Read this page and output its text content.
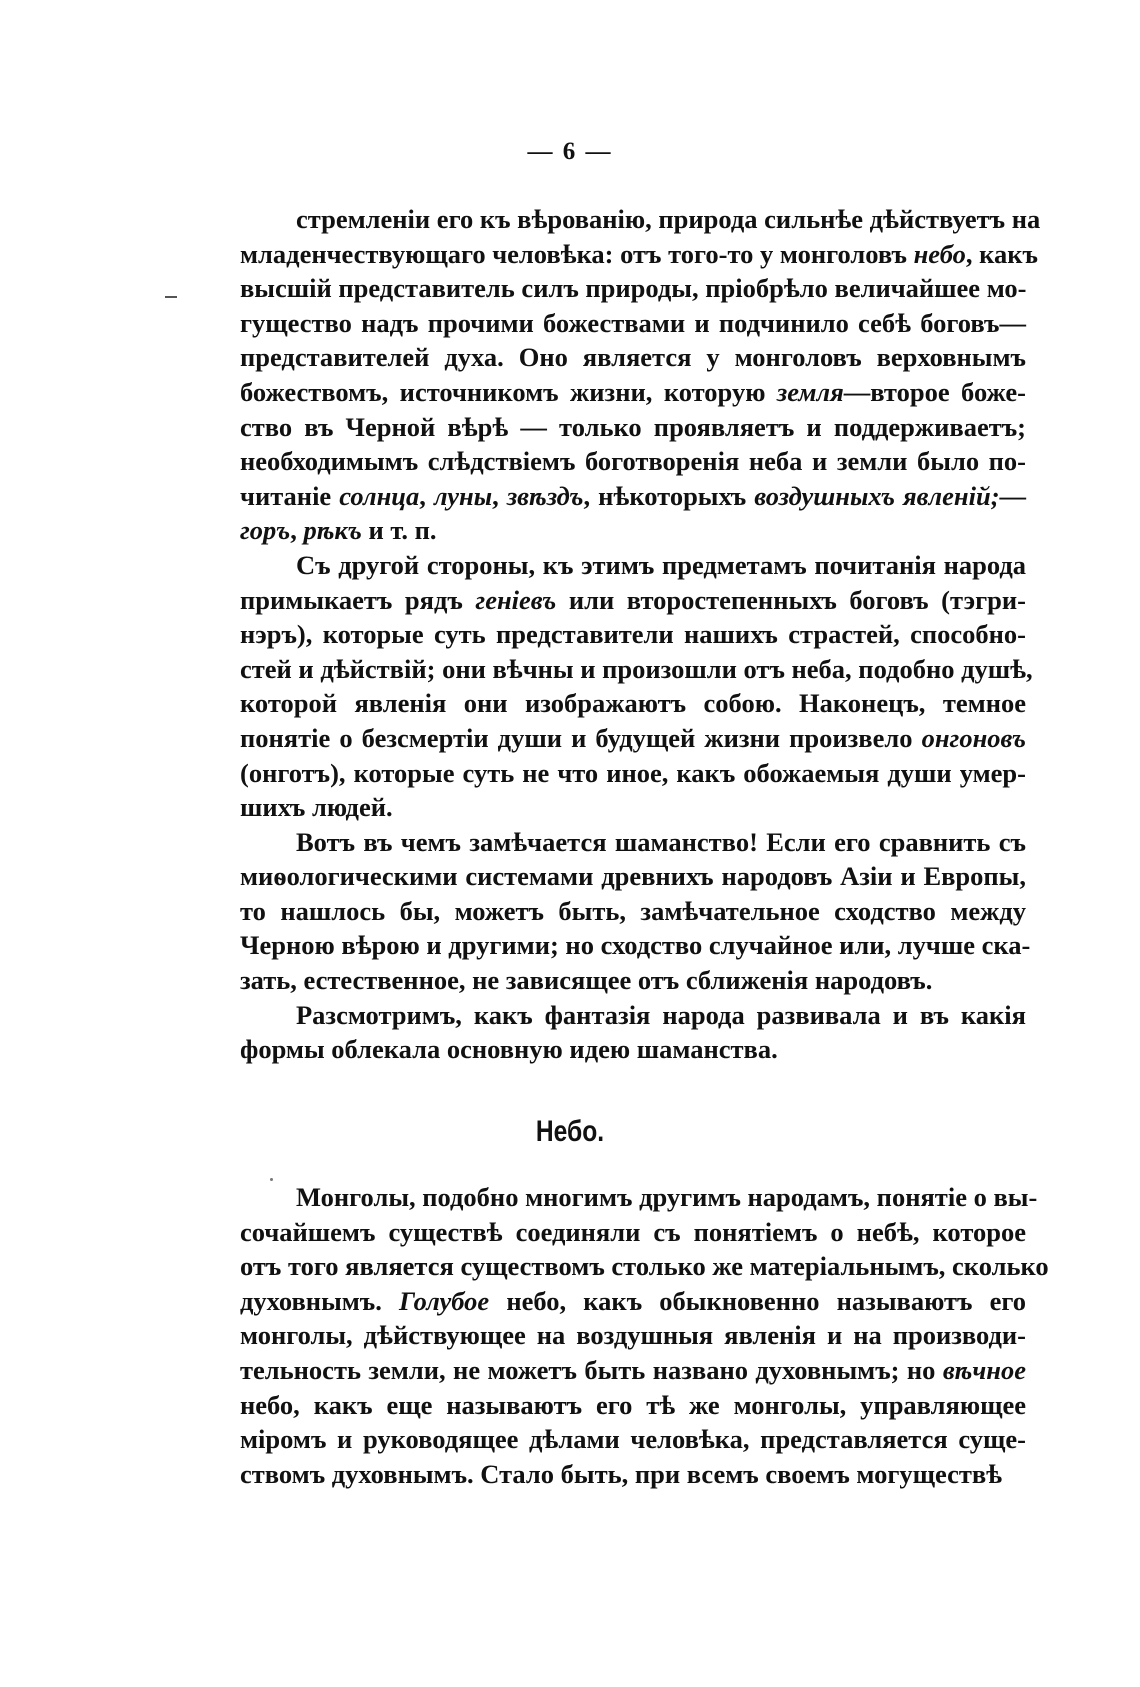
— 6 —
стремленіи его къ вѣрованію, природа сильнѣе дѣйствуетъ на
младенчествующаго человѣка: отъ того-то у монголовъ небо, какъ
высшій представитель силъ природы, пріобрѣло величайшее мо-
гущество надъ прочими божествами и подчинило себѣ боговъ—
представителей духа. Оно является у монголовъ верховнымъ
божествомъ, источникомъ жизни, которую земля—второе боже-
ство въ Черной вѣрѣ — только проявляетъ и поддерживаетъ;
необходимымъ слѣдствіемъ боготворенія неба и земли было по-
читаніе солнца, луны, звѣздъ, нѣкоторыхъ воздушныхъ явленій;—
горъ, рѣкъ и т. п.
Съ другой стороны, къ этимъ предметамъ почитанія народа
примыкаетъ рядъ геніевъ или второстепенныхъ боговъ (тэгри-
нэръ), которые суть представители нашихъ страстей, способно-
стей и дѣйствій; они вѣчны и произошли отъ неба, подобно душѣ,
которой явленія они изображаютъ собою. Наконецъ, темное
понятіе о безсмертіи души и будущей жизни произвело онгоновъ
(онготъ), которые суть не что иное, какъ обожаемыя души умер-
шихъ людей.
Вотъ въ чемъ замѣчается шаманство! Если его сравнить съ
миѳологическими системами древнихъ народовъ Азіи и Европы,
то нашлось бы, можетъ быть, замѣчательное сходство между
Черною вѣрою и другими; но сходство случайное или, лучше ска-
зать, естественное, не зависящее отъ сближенія народовъ.
Разсмотримъ, какъ фантазія народа развивала и въ какія
формы облекала основную идею шаманства.
Небо.
Монголы, подобно многимъ другимъ народамъ, понятіе о вы-
сочайшемъ существѣ соединяли съ понятіемъ о небѣ, которое
отъ того является существомъ столько же матеріальнымъ, сколько
духовнымъ. Голубое небо, какъ обыкновенно называютъ его
монголы, дѣйствующее на воздушныя явленія и на производи-
тельность земли, не можетъ быть названо духовнымъ; но вѣчное
небо, какъ еще называютъ его тѣ же монголы, управляющее
міромъ и руководящее дѣлами человѣка, представляется суще-
ствомъ духовнымъ. Стало быть, при всемъ своемъ могуществѣ
